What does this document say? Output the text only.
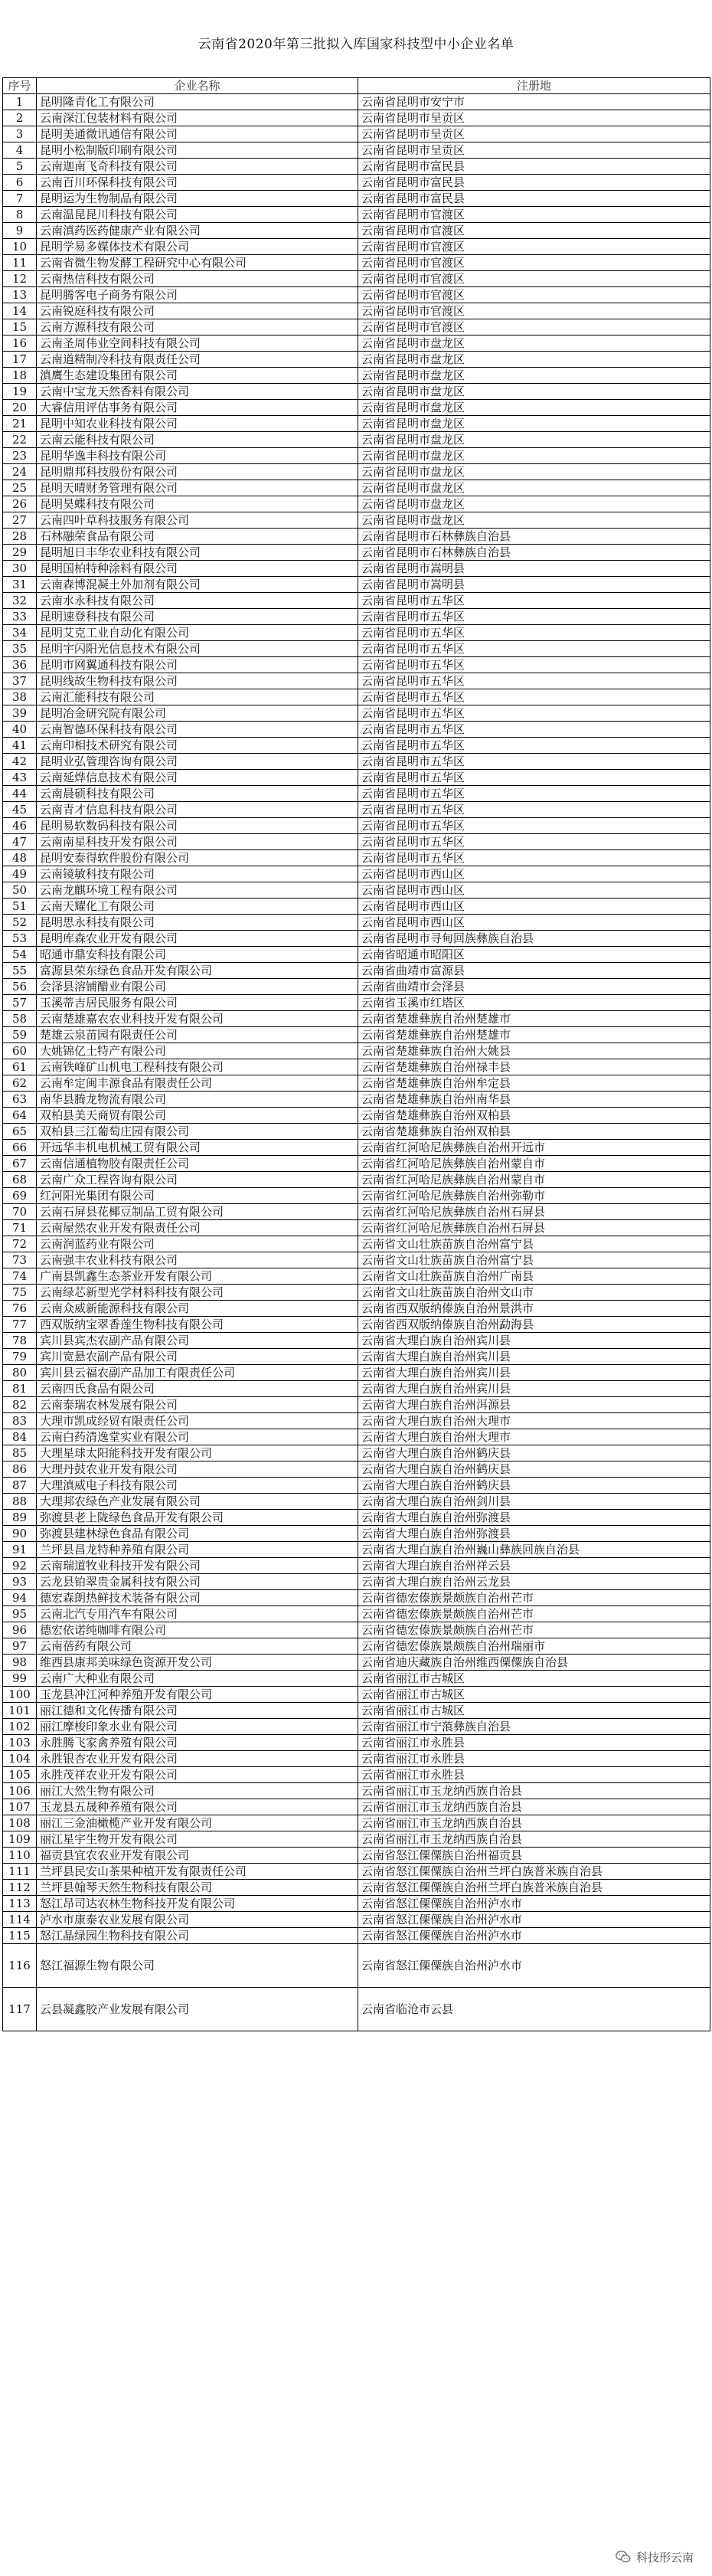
云南省2020年第三批拟入库国家科技型中小企业名单
序号	企业名称	注册地
1	昆明隆青化工有限公司	云南省昆明市安宁市
2	云南深江包装材料有限公司	云南省昆明市呈贡区
3	昆明美通微讯通信有限公司	云南省昆明市呈贡区
4	昆明小松制版印刷有限公司	云南省昆明市呈贡区
5	云南迦南飞奇科技有限公司	云南省昆明市富民县
6	云南百川环保科技有限公司	云南省昆明市富民县
7	昆明运为生物制品有限公司	云南省昆明市富民县
8	云南温昆昆川科技有限公司	云南省昆明市官渡区
9	云南滇药医药健康产业有限公司	云南省昆明市官渡区
10	昆明学易多媒体技术有限公司	云南省昆明市官渡区
11	云南省微生物发酵工程研究中心有限公司	云南省昆明市官渡区
12	云南热信科技有限公司	云南省昆明市官渡区
13	昆明腾客电子商务有限公司	云南省昆明市官渡区
14	云南锐庭科技有限公司	云南省昆明市官渡区
15	云南方源科技有限公司	云南省昆明市官渡区
16	云南圣周伟业空间科技有限公司	云南省昆明市盘龙区
17	云南道精制冷科技有限责任公司	云南省昆明市盘龙区
18	滇鹰生态建设集团有限公司	云南省昆明市盘龙区
19	云南中宝龙天然香料有限公司	云南省昆明市盘龙区
20	大睿信用评估事务有限公司	云南省昆明市盘龙区
21	昆明中知农业科技有限公司	云南省昆明市盘龙区
22	云南云能科技有限公司	云南省昆明市盘龙区
23	昆明华逸丰科技有限公司	云南省昆明市盘龙区
24	昆明鼎邦科技股份有限公司	云南省昆明市盘龙区
25	昆明天晴财务管理有限公司	云南省昆明市盘龙区
26	昆明昊蝶科技有限公司	云南省昆明市盘龙区
27	云南四叶草科技服务有限公司	云南省昆明市盘龙区
28	石林融荣食品有限公司	云南省昆明市石林彝族自治县
29	昆明旭日丰华农业科技有限公司	云南省昆明市石林彝族自治县
30	昆明国柏特种涂料有限公司	云南省昆明市嵩明县
31	云南森博混凝土外加剂有限公司	云南省昆明市嵩明县
32	云南水永科技有限公司	云南省昆明市五华区
33	昆明速登科技有限公司	云南省昆明市五华区
34	昆明艾克工业自动化有限公司	云南省昆明市五华区
35	昆明宇闪阳光信息技术有限公司	云南省昆明市五华区
36	昆明市网翼通科技有限公司	云南省昆明市五华区
37	昆明线故生物科技有限公司	云南省昆明市五华区
38	云南汇能科技有限公司	云南省昆明市五华区
39	昆明冶金研究院有限公司	云南省昆明市五华区
40	云南智德环保科技有限公司	云南省昆明市五华区
41	云南印相技术研究有限公司	云南省昆明市五华区
42	昆明业弘管理咨询有限公司	云南省昆明市五华区
43	云南延烨信息技术有限公司	云南省昆明市五华区
44	云南晨硕科技有限公司	云南省昆明市五华区
45	云南青才信息科技有限公司	云南省昆明市五华区
46	昆明易软数码科技有限公司	云南省昆明市五华区
47	云南南星科技开发有限公司	云南省昆明市五华区
48	昆明安泰得软件股份有限公司	云南省昆明市五华区
49	云南镜敏科技有限公司	云南省昆明市西山区
50	云南龙麒环境工程有限公司	云南省昆明市西山区
51	云南天耀化工有限公司	云南省昆明市西山区
52	昆明思永科技有限公司	云南省昆明市西山区
53	昆明库森农业开发有限公司	云南省昆明市寻甸回族彝族自治县
54	昭通市鼎安科技有限公司	云南省昭通市昭阳区
55	富源县荣东绿色食品开发有限公司	云南省曲靖市富源县
56	会泽县溶铺醋业有限公司	云南省曲靖市会泽县
57	玉溪蒂吉居民服务有限公司	云南省玉溪市红塔区
58	云南楚雄嘉农农业科技开发有限公司	云南省楚雄彝族自治州楚雄市
59	楚雄云泉苗园有限责任公司	云南省楚雄彝族自治州楚雄市
60	大姚锦亿土特产有限公司	云南省楚雄彝族自治州大姚县
61	云南铁峰矿山机电工程科技有限公司	云南省楚雄彝族自治州禄丰县
62	云南牟定闽丰源食品有限责任公司	云南省楚雄彝族自治州牟定县
63	南华县腾龙物流有限公司	云南省楚雄彝族自治州南华县
64	双柏县美天商贸有限公司	云南省楚雄彝族自治州双柏县
65	双柏县三江葡萄庄园有限公司	云南省楚雄彝族自治州双柏县
66	开远华丰机电机械工贸有限公司	云南省红河哈尼族彝族自治州开远市
67	云南信通植物胶有限责任公司	云南省红河哈尼族彝族自治州蒙自市
68	云南广众工程咨询有限公司	云南省红河哈尼族彝族自治州蒙自市
69	红河阳光集团有限公司	云南省红河哈尼族彝族自治州弥勒市
70	云南石屏县花椰豆制品工贸有限公司	云南省红河哈尼族彝族自治州石屏县
71	云南屋然农业开发有限责任公司	云南省红河哈尼族彝族自治州石屏县
72	云南润蓝药业有限公司	云南省文山壮族苗族自治州富宁县
73	云南强丰农业科技有限公司	云南省文山壮族苗族自治州富宁县
74	广南县凯鑫生态茶业开发有限公司	云南省文山壮族苗族自治州广南县
75	云南绿芯新型光学材料科技有限公司	云南省文山壮族苗族自治州文山市
76	云南众威新能源科技有限公司	云南省西双版纳傣族自治州景洪市
77	西双版纳宝翠香莲生物科技有限公司	云南省西双版纳傣族自治州勐海县
78	宾川县宾杰农副产品有限公司	云南省大理白族自治州宾川县
79	宾川宽悬农副产品有限公司	云南省大理白族自治州宾川县
80	宾川县云福农副产品加工有限责任公司	云南省大理白族自治州宾川县
81	云南四氏食品有限公司	云南省大理白族自治州宾川县
82	云南泰瑞农林发展有限公司	云南省大理白族自治州洱源县
83	大理市凯成经贸有限责任公司	云南省大理白族自治州大理市
84	云南白药清逸堂实业有限公司	云南省大理白族自治州大理市
85	大理星球太阳能科技开发有限公司	云南省大理白族自治州鹤庆县
86	大理丹鼓农业开发有限公司	云南省大理白族自治州鹤庆县
87	大理滇威电子科技有限公司	云南省大理白族自治州鹤庆县
88	大理邦农绿色产业发展有限公司	云南省大理白族自治州剑川县
89	弥渡县老上陇绿色食品开发有限公司	云南省大理白族自治州弥渡县
90	弥渡县建林绿色食品有限公司	云南省大理白族自治州弥渡县
91	兰坪县昌龙特种养殖有限公司	云南省大理白族自治州巍山彝族回族自治县
92	云南瑞道牧业科技开发有限公司	云南省大理白族自治州祥云县
93	云龙县铂翠贵金属科技有限公司	云南省大理白族自治州云龙县
94	德宏森朗热鲜技术装备有限公司	云南省德宏傣族景颇族自治州芒市
95	云南北汽专用汽车有限公司	云南省德宏傣族景颇族自治州芒市
96	德宏依诺纯咖啡有限公司	云南省德宏傣族景颇族自治州芒市
97	云南蓓药有限公司	云南省德宏傣族景颇族自治州瑞丽市
98	维西县康邦美味绿色资源开发公司	云南省迪庆藏族自治州维西傈僳族自治县
99	云南广大种业有限公司	云南省丽江市古城区
100	玉龙县冲江河种养殖开发有限公司	云南省丽江市古城区
101	丽江德和文化传播有限公司	云南省丽江市古城区
102	丽江摩梭印象水业有限公司	云南省丽江市宁蒗彝族自治县
103	永胜腾飞家禽养殖有限公司	云南省丽江市永胜县
104	永胜银杏农业开发有限公司	云南省丽江市永胜县
105	永胜茂祥农业开发有限公司	云南省丽江市永胜县
106	丽江大然生物有限公司	云南省丽江市玉龙纳西族自治县
107	玉龙县五晟种养殖有限公司	云南省丽江市玉龙纳西族自治县
108	丽江三金油橄榄产业开发有限公司	云南省丽江市玉龙纳西族自治县
109	丽江星宇生物开发有限公司	云南省丽江市玉龙纳西族自治县
110	福贡县宜农农业开发有限公司	云南省怒江傈僳族自治州福贡县
111	兰坪县民安山茶果种植开发有限责任公司	云南省怒江傈僳族自治州兰坪白族普米族自治县
112	兰坪县翰琴天然生物科技有限公司	云南省怒江傈僳族自治州兰坪白族普米族自治县
113	怒江昂司达农林生物科技开发有限公司	云南省怒江傈僳族自治州泸水市
114	泸水市康泰农业发展有限公司	云南省怒江傈僳族自治州泸水市
115	怒江晶绿园生物科技有限公司	云南省怒江傈僳族自治州泸水市
116	怒江福源生物有限公司	云南省怒江傈僳族自治州泸水市
117	云县凝鑫胶产业发展有限公司	云南省临沧市云县
科技形云南
